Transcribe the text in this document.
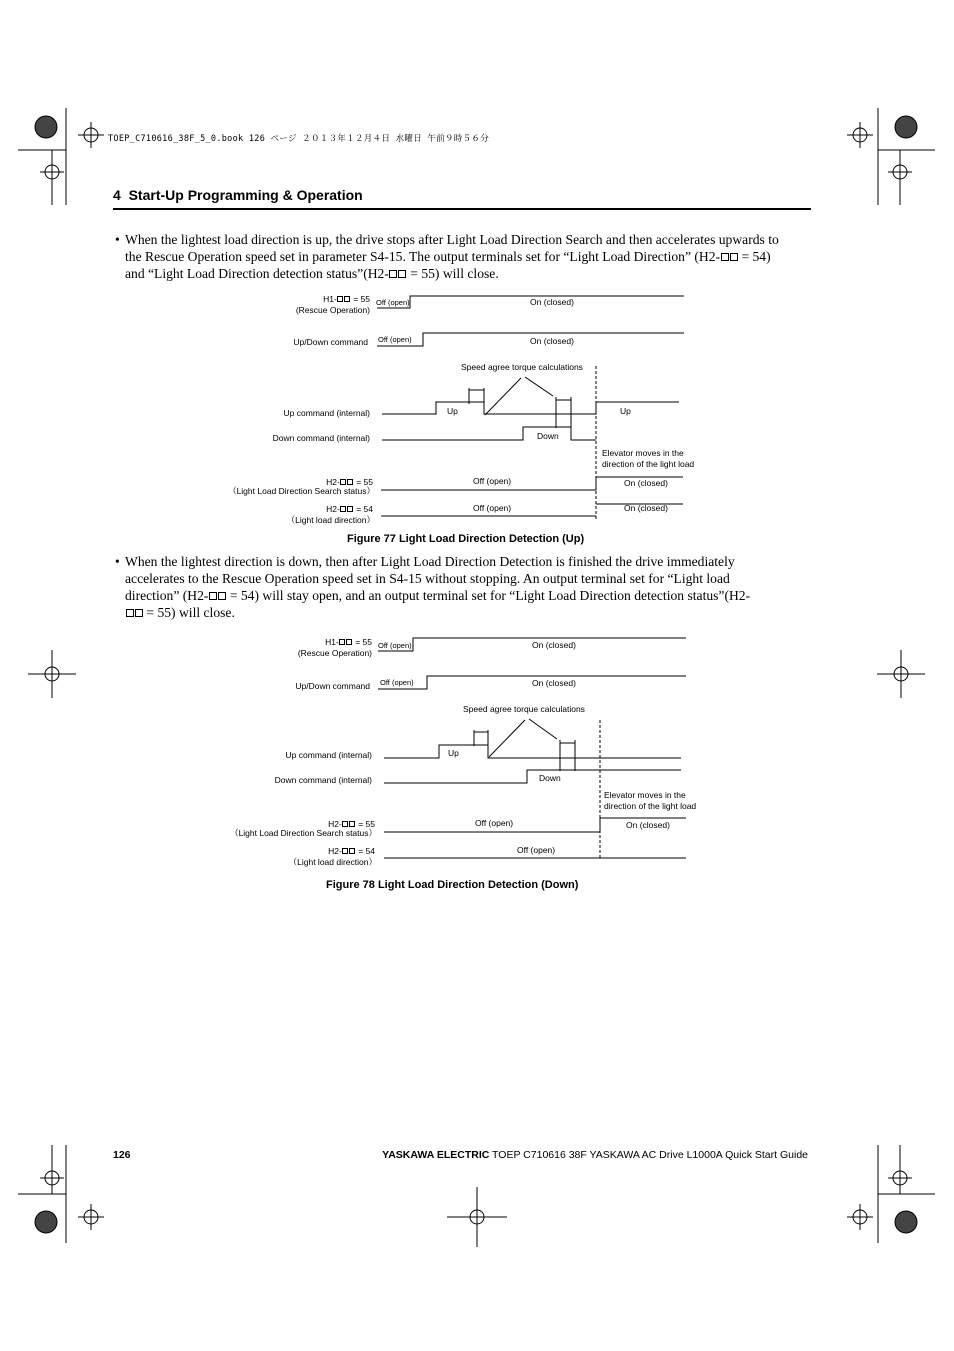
TOEP_C710616_38F_5_0.book 126 ページ ２０１３年１２月４日 水曜日 午前９時５６分
4 Start-Up Programming & Operation
• When the lightest load direction is up, the drive stops after Light Load Direction Search and then accelerates upwards to
the Rescue Operation speed set in parameter S4-15. The output terminals set for “Light Load Direction” (H2- = 54)
and “Light Load Direction detection status”(H2- = 55) will close.
H1- = 55
(Rescue Operation)
Off (open)	On (closed)
Up/Down command Off (open)	On (closed)
Speed agree torque calculations
Up command (internal)	Up	Up
Down command (internal)	Down
Elevator moves in the
direction of the light load
H2- = 55
（Light Load Direction Search status）
Off (open)	On (closed)
H2- = 54
（Light load direction）
Off (open)	On (closed)
Figure 77 Light Load Direction Detection (Up)
• When the lightest direction is down, then after Light Load Direction Detection is finished the drive immediately
accelerates to the Rescue Operation speed set in S4-15 without stopping. An output terminal set for “Light load
direction” (H2- = 54) will stay open, and an output terminal set for “Light Load Direction detection status”(H2-
= 55) will close.
H1- = 55
(Rescue Operation)
Off (open)	On (closed)
Up/Down command Off (open)	On (closed)
Speed agree torque calculations
Up command (internal)	Up
Down command (internal)	Down
Elevator moves in the
direction of the light load
H2- = 55
（Light Load Direction Search status）
Off (open)	On (closed)
H2- = 54
（Light load direction）
Off (open)
Figure 78 Light Load Direction Detection (Down)
126	YASKAWA ELECTRIC TOEP C710616 38F YASKAWA AC Drive L1000A Quick Start Guide
